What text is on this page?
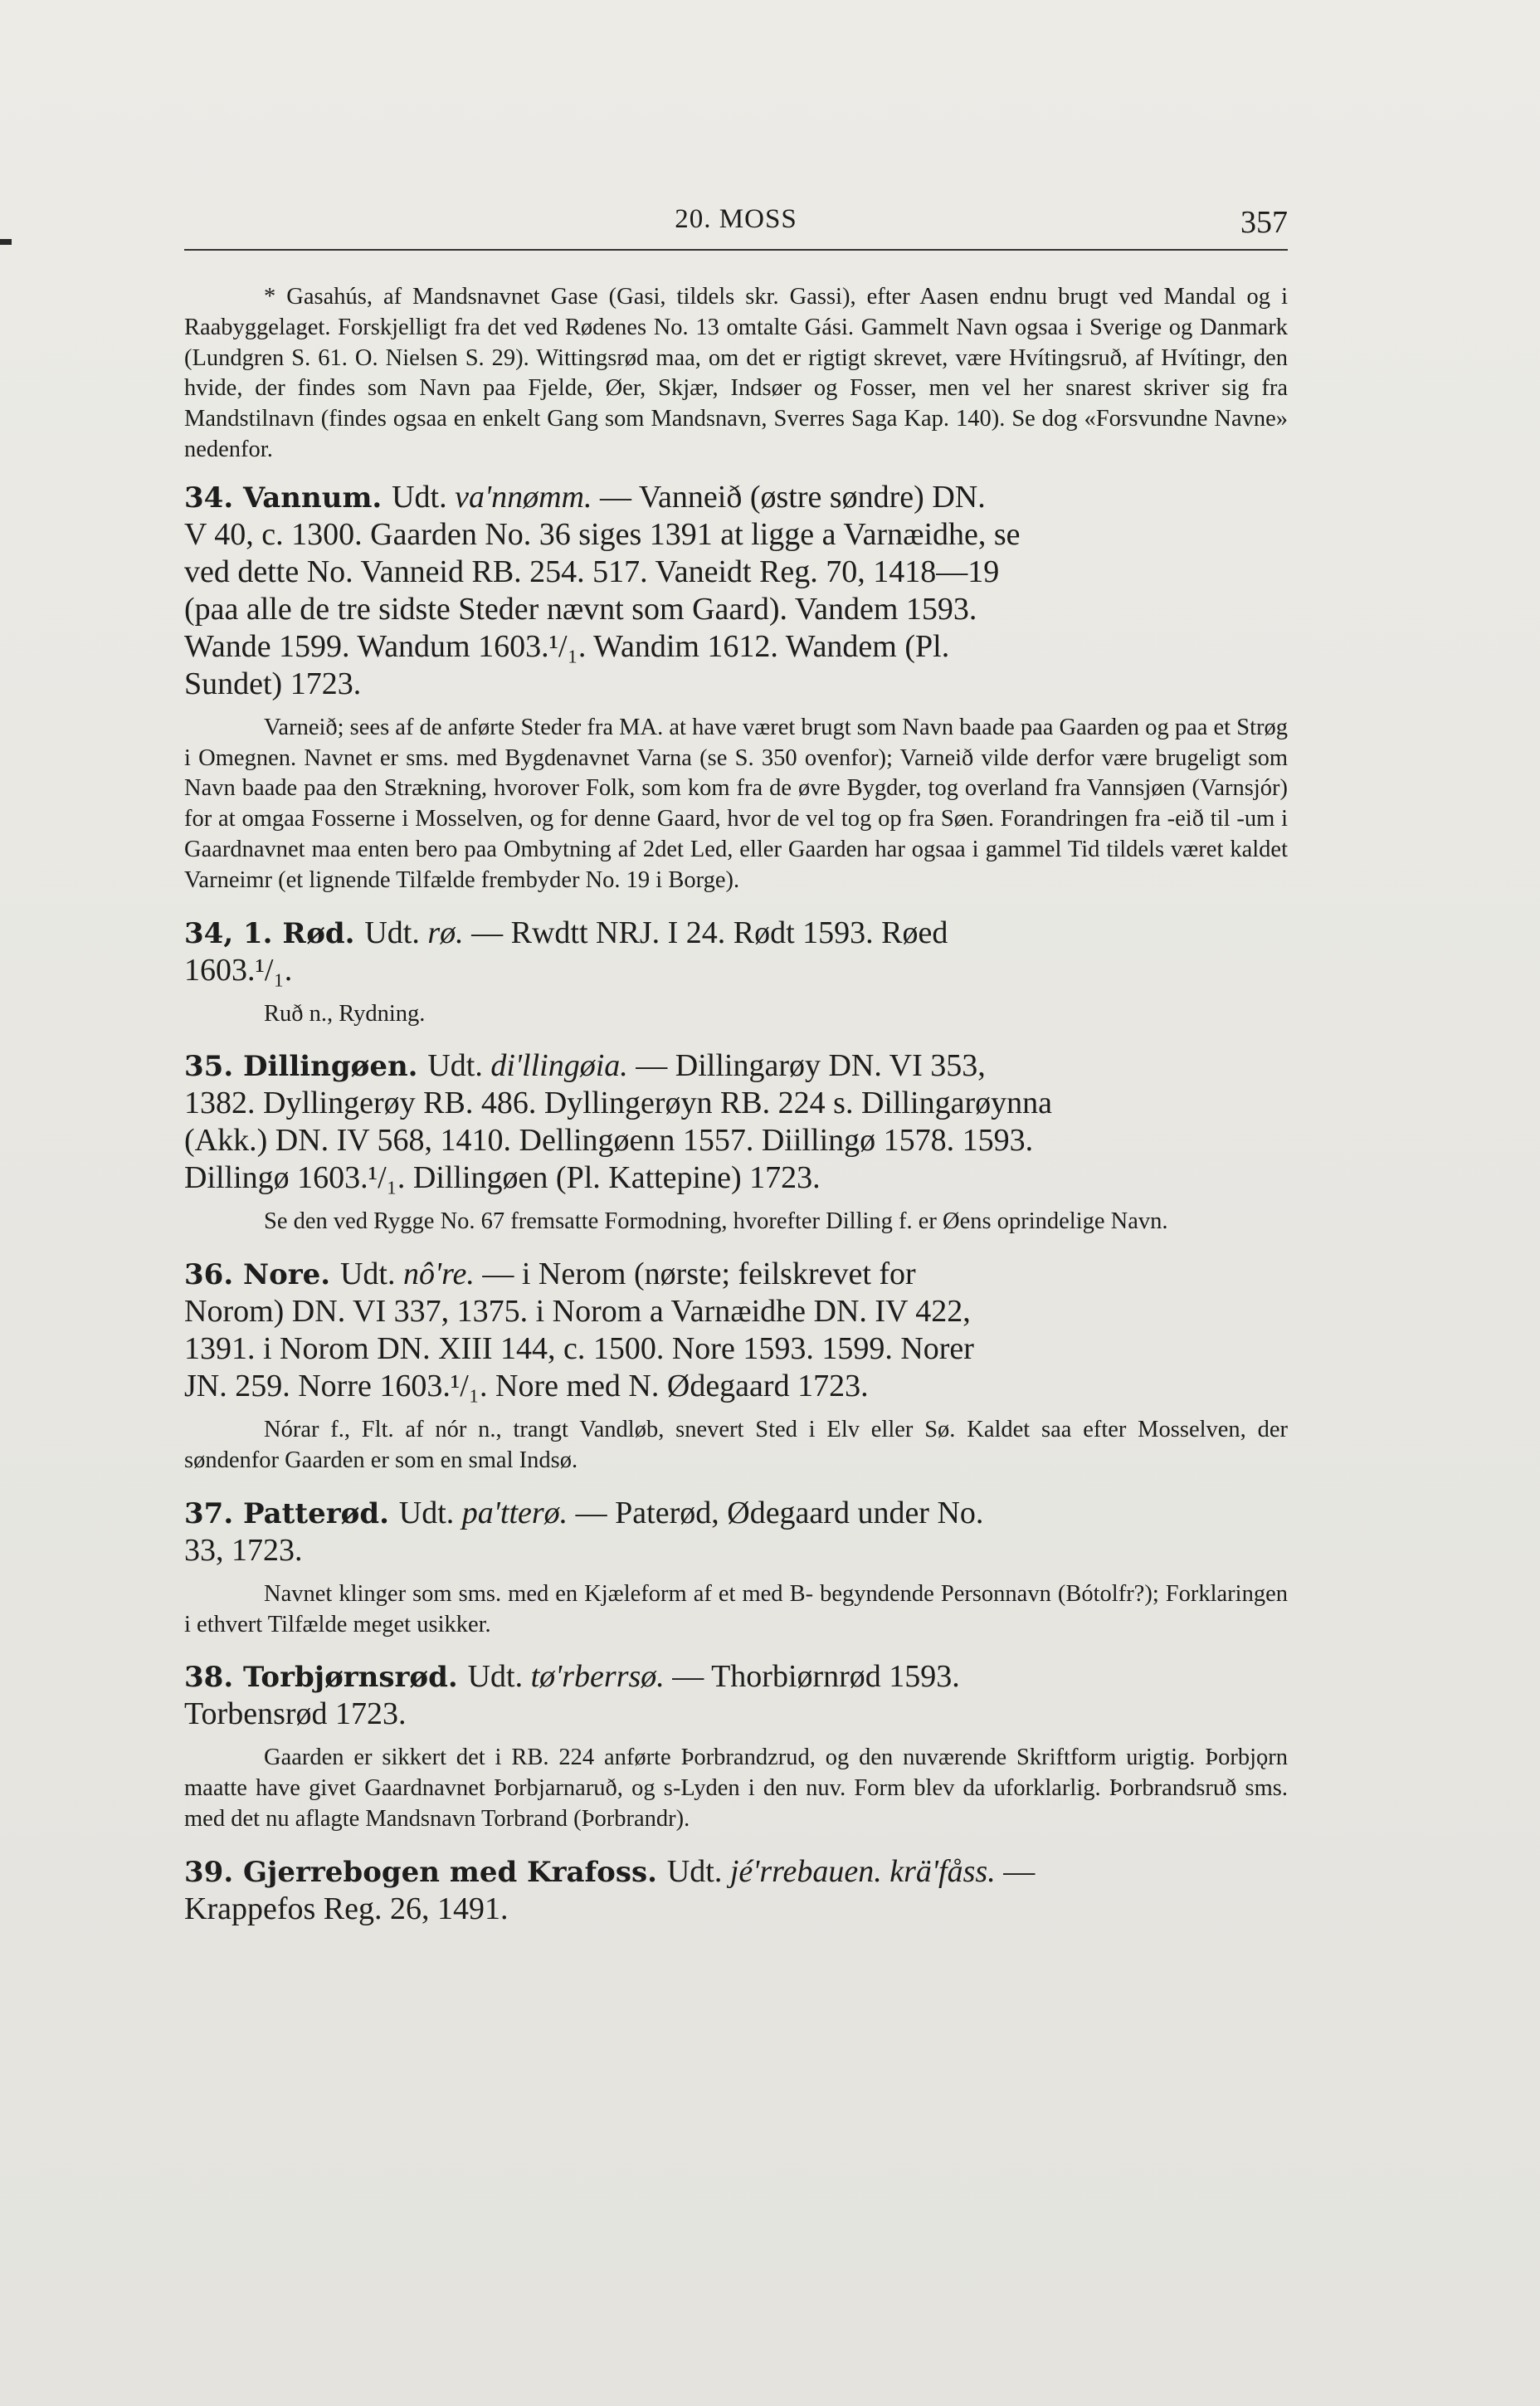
20. MOSS	357
* Gasahús, af Mandsnavnet Gase (Gasi, tildels skr. Gassi), efter Aasen endnu brugt ved Mandal og i Raabyggelaget. Forskjelligt fra det ved Rødenes No. 13 omtalte Gási. Gammelt Navn ogsaa i Sverige og Danmark (Lundgren S. 61. O. Nielsen S. 29). Wittingsrød maa, om det er rigtigt skrevet, være Hvítingsruð, af Hvítingr, den hvide, der findes som Navn paa Fjelde, Øer, Skjær, Indsøer og Fosser, men vel her snarest skriver sig fra Mandstilnavn (findes ogsaa en enkelt Gang som Mandsnavn, Sverres Saga Kap. 140). Se dog «Forsvundne Navne» nedenfor.
34. Vannum. Udt. va'nnømm. — Vanneið (østre søndre) DN.
V 40, c. 1300. Gaarden No. 36 siges 1391 at ligge a Varnæidhe, se
ved dette No. Vanneid RB. 254. 517. Vaneidt Reg. 70, 1418—19
(paa alle de tre sidste Steder nævnt som Gaard). Vandem 1593.
Wande 1599. Wandum 1603.¹/₁. Wandim 1612. Wandem (Pl.
Sundet) 1723.
Varneið; sees af de anførte Steder fra MA. at have været brugt som Navn baade paa Gaarden og paa et Strøg i Omegnen. Navnet er sms. med Bygdenavnet Varna (se S. 350 ovenfor); Varneið vilde derfor være brugeligt som Navn baade paa den Strækning, hvorover Folk, som kom fra de øvre Bygder, tog overland fra Vannsjøen (Varnsjór) for at omgaa Fosserne i Mosselven, og for denne Gaard, hvor de vel tog op fra Søen. Forandringen fra -eið til -um i Gaardnavnet maa enten bero paa Ombytning af 2det Led, eller Gaarden har ogsaa i gammel Tid tildels været kaldet Varneimr (et lignende Tilfælde frembyder No. 19 i Borge).
34, 1. Rød. Udt. rø. — Rwdtt NRJ. I 24. Rødt 1593. Røed
1603.¹/₁.
Ruð n., Rydning.
35. Dillingøen. Udt. di'llingøia. — Dillingarøy DN. VI 353,
1382. Dyllingerøy RB. 486. Dyllingerøyn RB. 224 s. Dillingarøynna
(Akk.) DN. IV 568, 1410. Dellingøenn 1557. Diillingø 1578. 1593.
Dillingø 1603.¹/₁. Dillingøen (Pl. Kattepine) 1723.
Se den ved Rygge No. 67 fremsatte Formodning, hvorefter Dilling f. er Øens oprindelige Navn.
36. Nore. Udt. nô're. — i Nerom (nørste; feilskrevet for
Norom) DN. VI 337, 1375. i Norom a Varnæidhe DN. IV 422,
1391. i Norom DN. XIII 144, c. 1500. Nore 1593. 1599. Norer
JN. 259. Norre 1603.¹/₁. Nore med N. Ødegaard 1723.
Nórar f., Flt. af nór n., trangt Vandløb, snevert Sted i Elv eller Sø. Kaldet saa efter Mosselven, der søndenfor Gaarden er som en smal Indsø.
37. Patterød. Udt. pa'tterø. — Paterød, Ødegaard under No.
33, 1723.
Navnet klinger som sms. med en Kjæleform af et med B- begyndende Personnavn (Bótolfr?); Forklaringen i ethvert Tilfælde meget usikker.
38. Torbjørnsrød. Udt. tø'rberrsø. — Thorbiørnrød 1593.
Torbensrød 1723.
Gaarden er sikkert det i RB. 224 anførte Þorbrandzrud, og den nuværende Skriftform urigtig. Þorbjǫrn maatte have givet Gaardnavnet Þorbjarnaruð, og s-Lyden i den nuv. Form blev da uforklarlig. Þorbrandsruð sms. med det nu aflagte Mandsnavn Torbrand (Þorbrandr).
39. Gjerrebogen med Krafoss. Udt. jé'rrebauen. krä'fåss. —
Krappefos Reg. 26, 1491.
